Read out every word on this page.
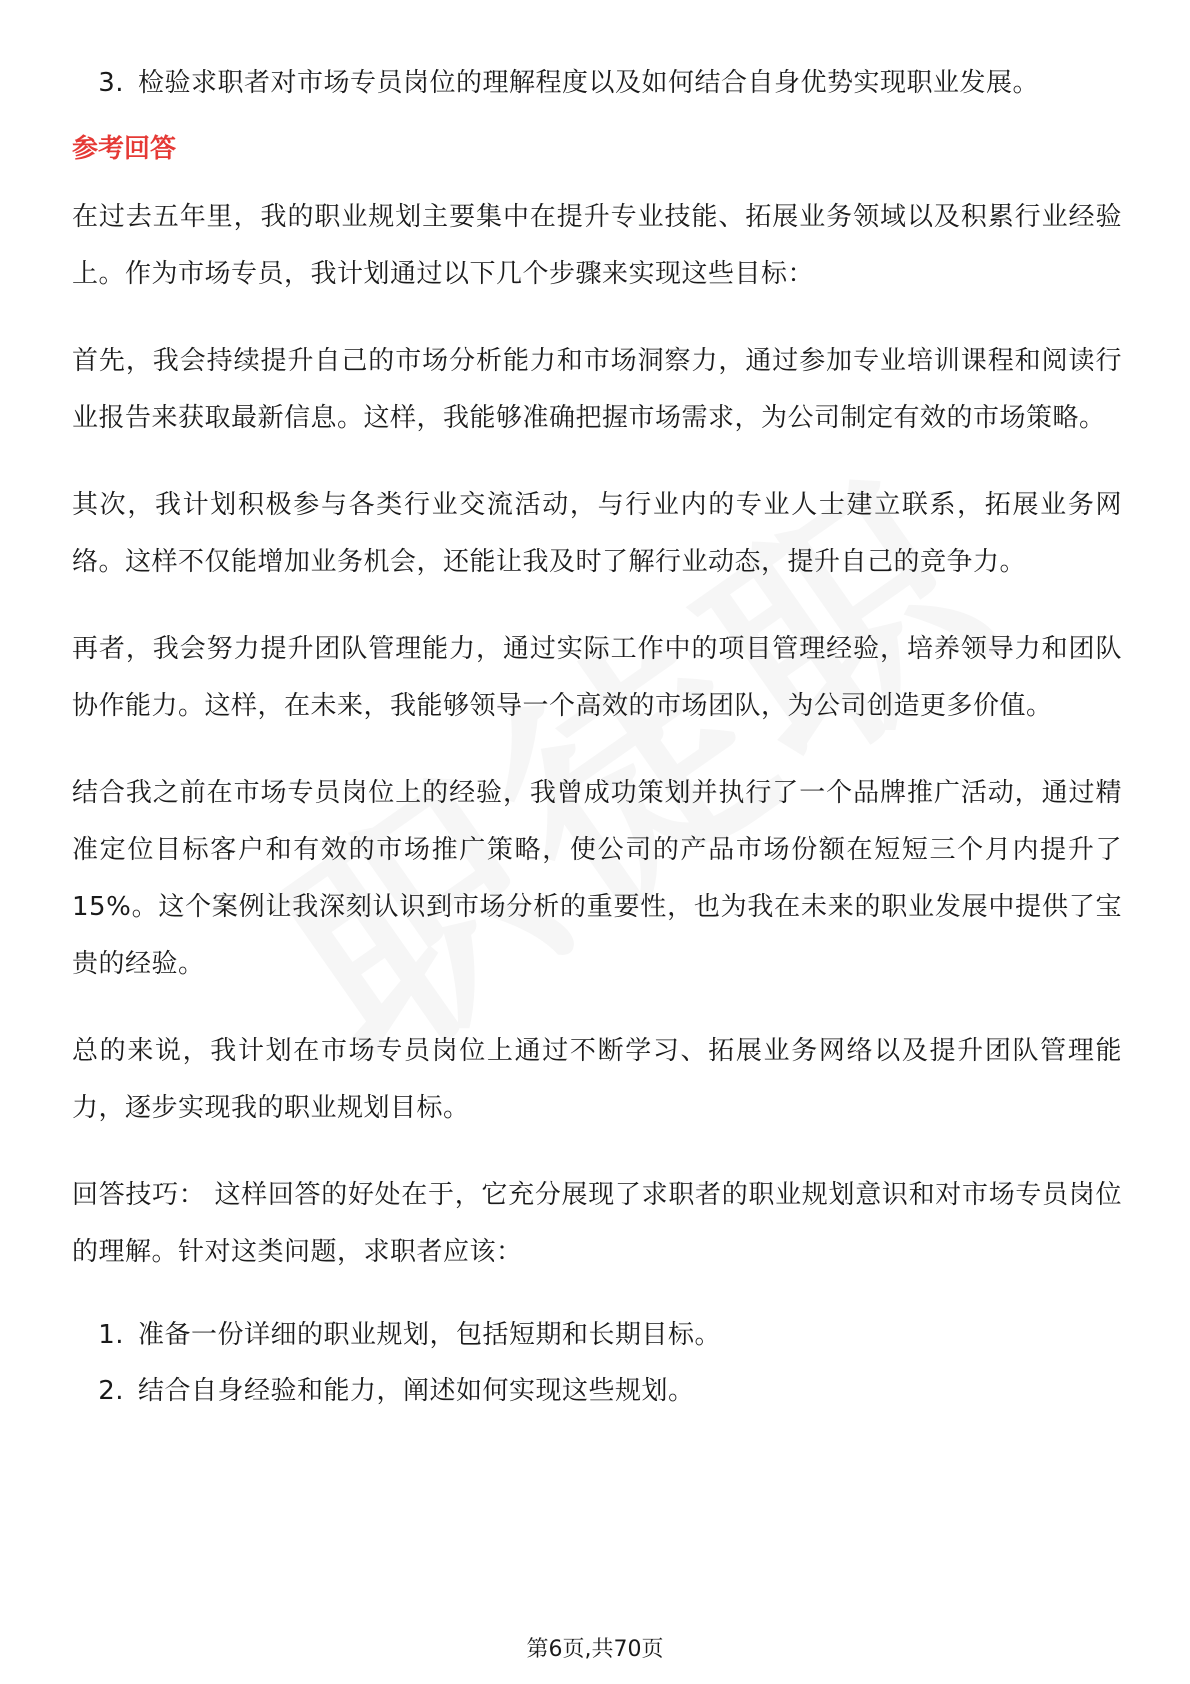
3. 检验求职者对市场专员岗位的理解程度以及如何结合自身优势实现职业发展。
参考回答

在过去五年里，我的职业规划主要集中在提升专业技能、拓展业务领域以及积累行业经验上。作为市场专员，我计划通过以下几个步骤来实现这些目标：

首先，我会持续提升自己的市场分析能力和市场洞察力，通过参加专业培训课程和阅读行业报告来获取最新信息。这样，我能够准确把握市场需求，为公司制定有效的市场策略。

其次，我计划积极参与各类行业交流活动，与行业内的专业人士建立联系，拓展业务网络。这样不仅能增加业务机会，还能让我及时了解行业动态，提升自己的竞争力。

再者，我会努力提升团队管理能力，通过实际工作中的项目管理经验，培养领导力和团队协作能力。这样，在未来，我能够领导一个高效的市场团队，为公司创造更多价值。

结合我之前在市场专员岗位上的经验，我曾成功策划并执行了一个品牌推广活动，通过精准定位目标客户和有效的市场推广策略，使公司的产品市场份额在短短三个月内提升了15%。这个案例让我深刻认识到市场分析的重要性，也为我在未来的职业发展中提供了宝贵的经验。

总的来说，我计划在市场专员岗位上通过不断学习、拓展业务网络以及提升团队管理能力，逐步实现我的职业规划目标。

回答技巧： 这样回答的好处在于，它充分展现了求职者的职业规划意识和对市场专员岗位的理解。针对这类问题，求职者应该：

1. 准备一份详细的职业规划，包括短期和长期目标。
2. 结合自身经验和能力，阐述如何实现这些规划。
第6页,共70页
